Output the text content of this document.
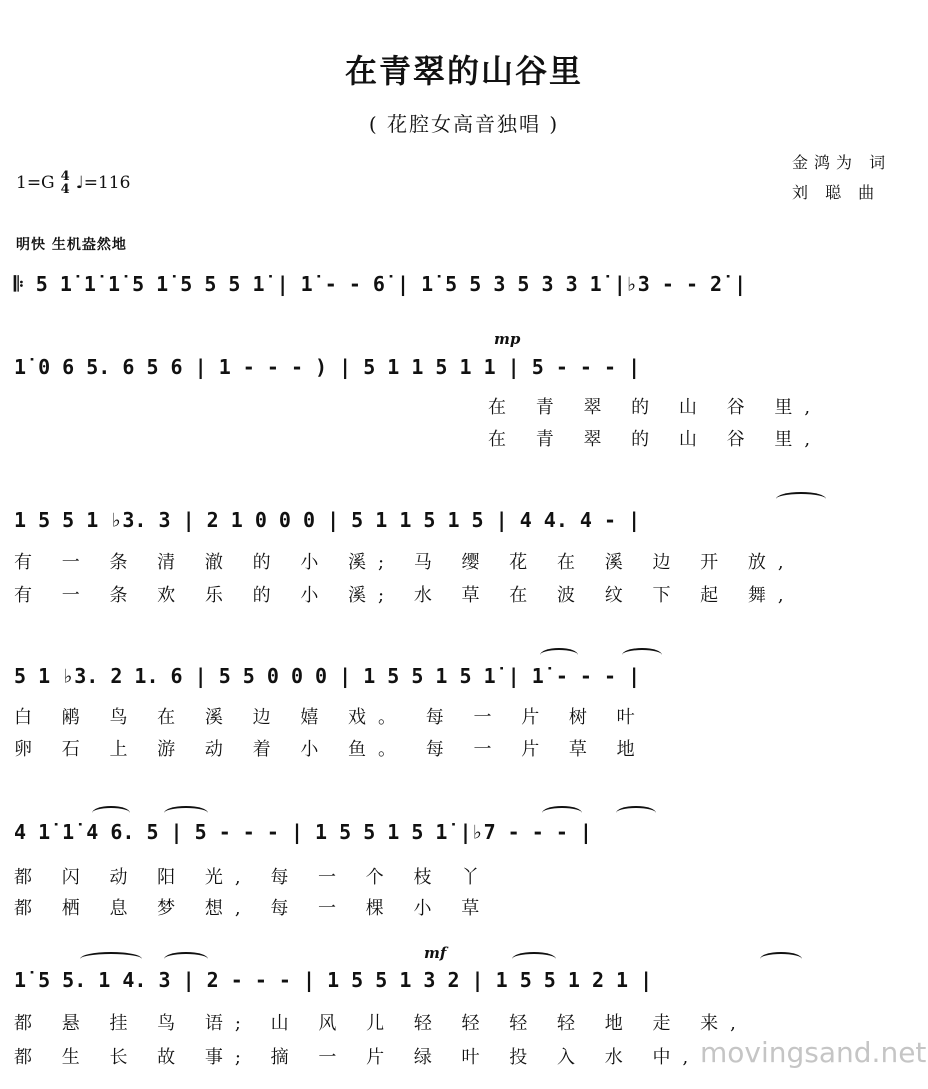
在青翠的山谷里
( 花腔女高音独唱 )
金鸿为 词
刘 聪 曲
1=G 4
4 ♩=116
明快 生机盎然地
𝄆 5 1̇ 1̇ 1̇ 5 1̇ 5 5 5 1̇ | 1̇ - - 6̇ | 1̇ 5 5 3 5 3 3 1̇ |♭3 - - 2̇ |
mp
1̇ 0 6 5. 6 5 6 | 1 - - - ) | 5 1 1 5 1 1 | 5 - - - |
在 青 翠 的 山 谷 里,
在 青 翠 的 山 谷 里,
1 5 5 1 ♭3. 3 | 2 1 0 0 0 | 5 1 1 5 1 5 | 4 4. 4 - |
有 一 条 清 澈 的 小 溪; 马 缨 花 在 溪 边 开 放,
有 一 条 欢 乐 的 小 溪; 水 草 在 波 纹 下 起 舞,
5 1 ♭3. 2 1. 6 | 5 5 0 0 0 | 1 5 5 1 5 1̇ | 1̇ - - - |
白 鹇 鸟 在 溪 边 嬉 戏。 每 一 片 树 叶
卵 石 上 游 动 着 小 鱼。 每 一 片 草 地
4 1̇ 1̇ 4 6. 5 | 5 - - - | 1 5 5 1 5 1̇ |♭7 - - - |
都 闪 动 阳 光, 每 一 个 枝 丫
都 栖 息 梦 想, 每 一 棵 小 草
mf
1̇ 5 5. 1 4. 3 | 2 - - - | 1 5 5 1 3 2 | 1 5 5 1 2 1 |
都 悬 挂 鸟 语; 山 风 儿 轻 轻 轻 轻 地 走 来,
都 生 长 故 事; 摘 一 片 绿 叶 投 入 水 中, movingsand.net
